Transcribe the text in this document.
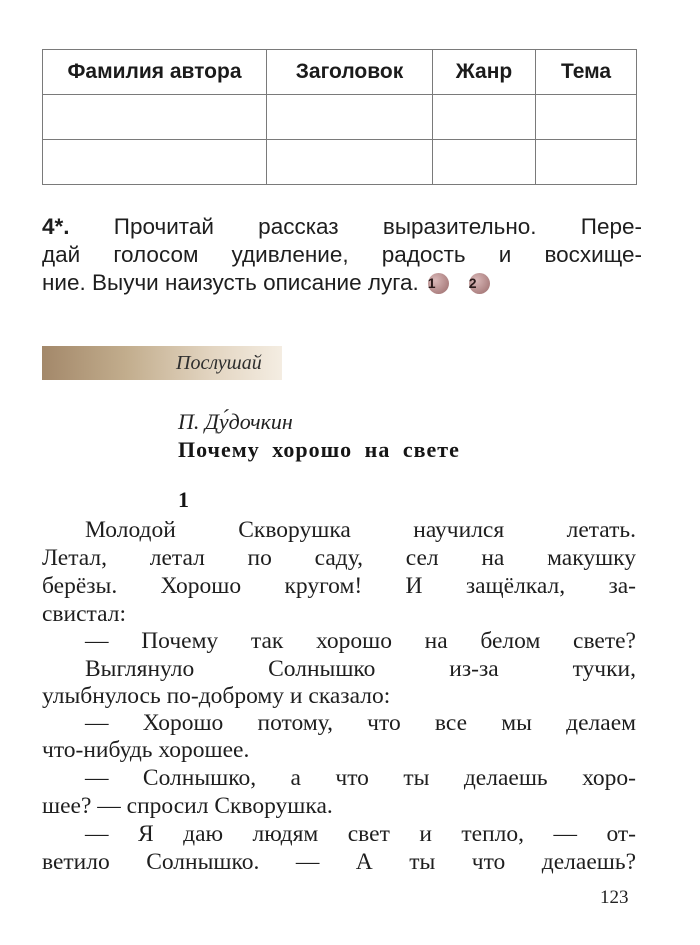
Фамилия автора	Заголовок	Жанр	Тема

4*. Прочитай рассказ выразительно. Пере-
дай голосом удивление, радость и восхище-
ние. Выучи наизусть описание луга. 1 2
Послушай
П. Ду́дочкин
Почему хорошо на свете
1
Молодой Скворушка научился летать.
Летал, летал по саду, сел на макушку
берёзы. Хорошо кругом! И защёлкал, за-
свистал:
— Почему так хорошо на белом свете?
Выглянуло Солнышко из-за тучки,
улыбнулось по-доброму и сказало:
— Хорошо потому, что все мы делаем
что-нибудь хорошее.
— Солнышко, а что ты делаешь хоро-
шее? — спросил Скворушка.
— Я даю людям свет и тепло, — от-
ветило Солнышко. — А ты что делаешь?
123
